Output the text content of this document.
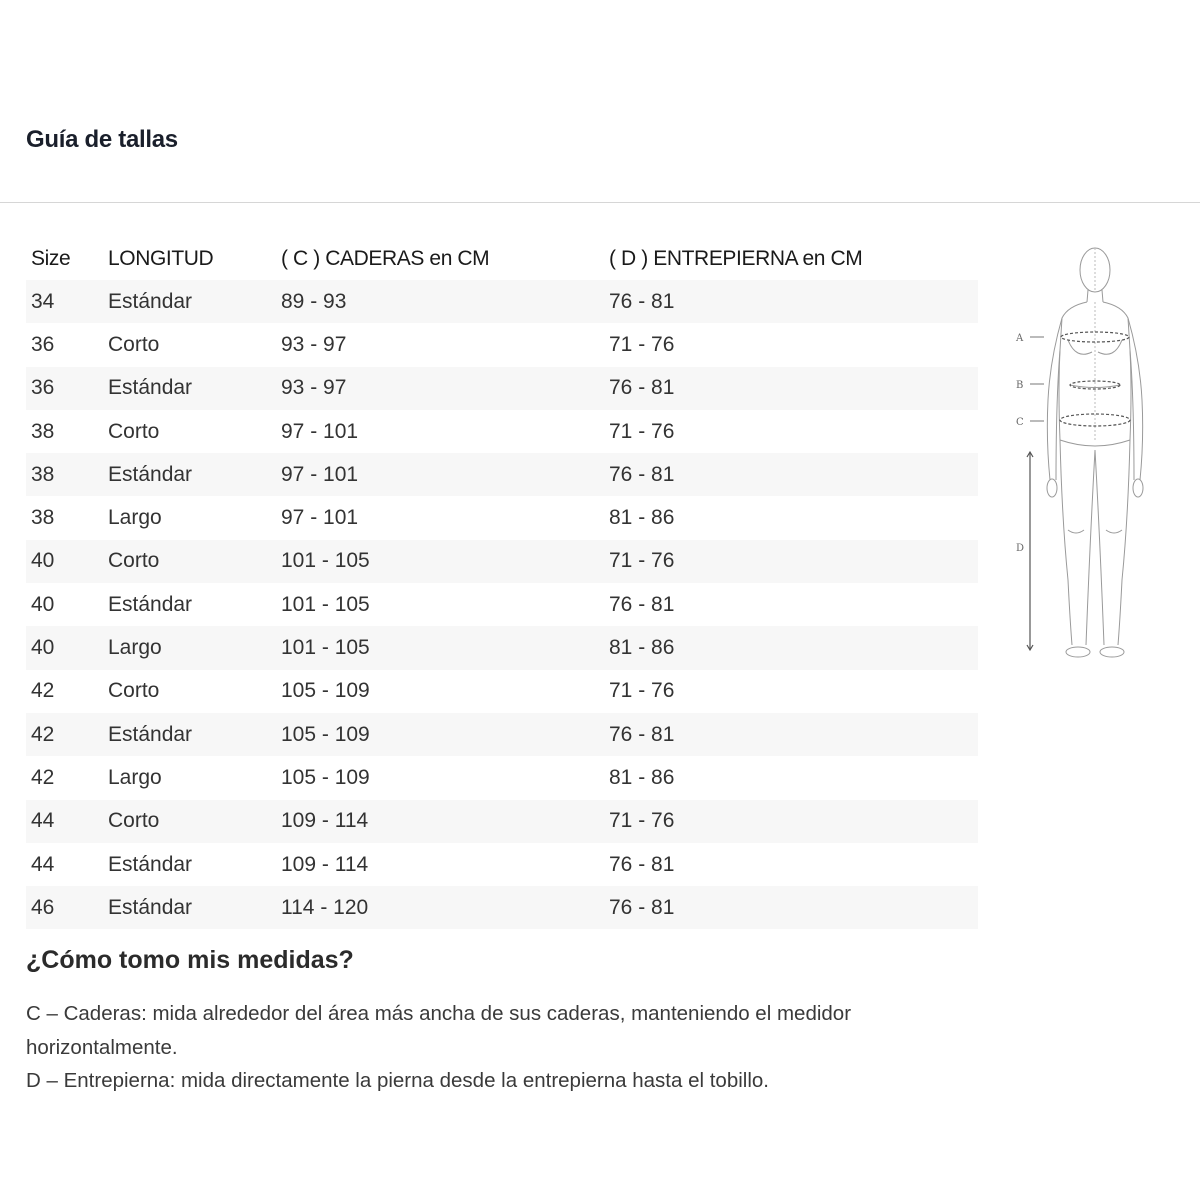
Guía de tallas
Size	LONGITUD	( C ) CADERAS en CM	( D ) ENTREPIERNA en CM
34	Estándar	89 - 93	76 - 81
36	Corto	93 - 97	71 - 76
36	Estándar	93 - 97	76 - 81
38	Corto	97 - 101	71 - 76
38	Estándar	97 - 101	76 - 81
38	Largo	97 - 101	81 - 86
40	Corto	101 - 105	71 - 76
40	Estándar	101 - 105	76 - 81
40	Largo	101 - 105	81 - 86
42	Corto	105 - 109	71 - 76
42	Estándar	105 - 109	76 - 81
42	Largo	105 - 109	81 - 86
44	Corto	109 - 114	71 - 76
44	Estándar	109 - 114	76 - 81
46	Estándar	114 - 120	76 - 81
A
B
C
D
¿Cómo tomo mis medidas?

C – Caderas: mida alrededor del área más ancha de sus caderas, manteniendo el medidor horizontalmente.

D – Entrepierna: mida directamente la pierna desde la entrepierna hasta el tobillo.
